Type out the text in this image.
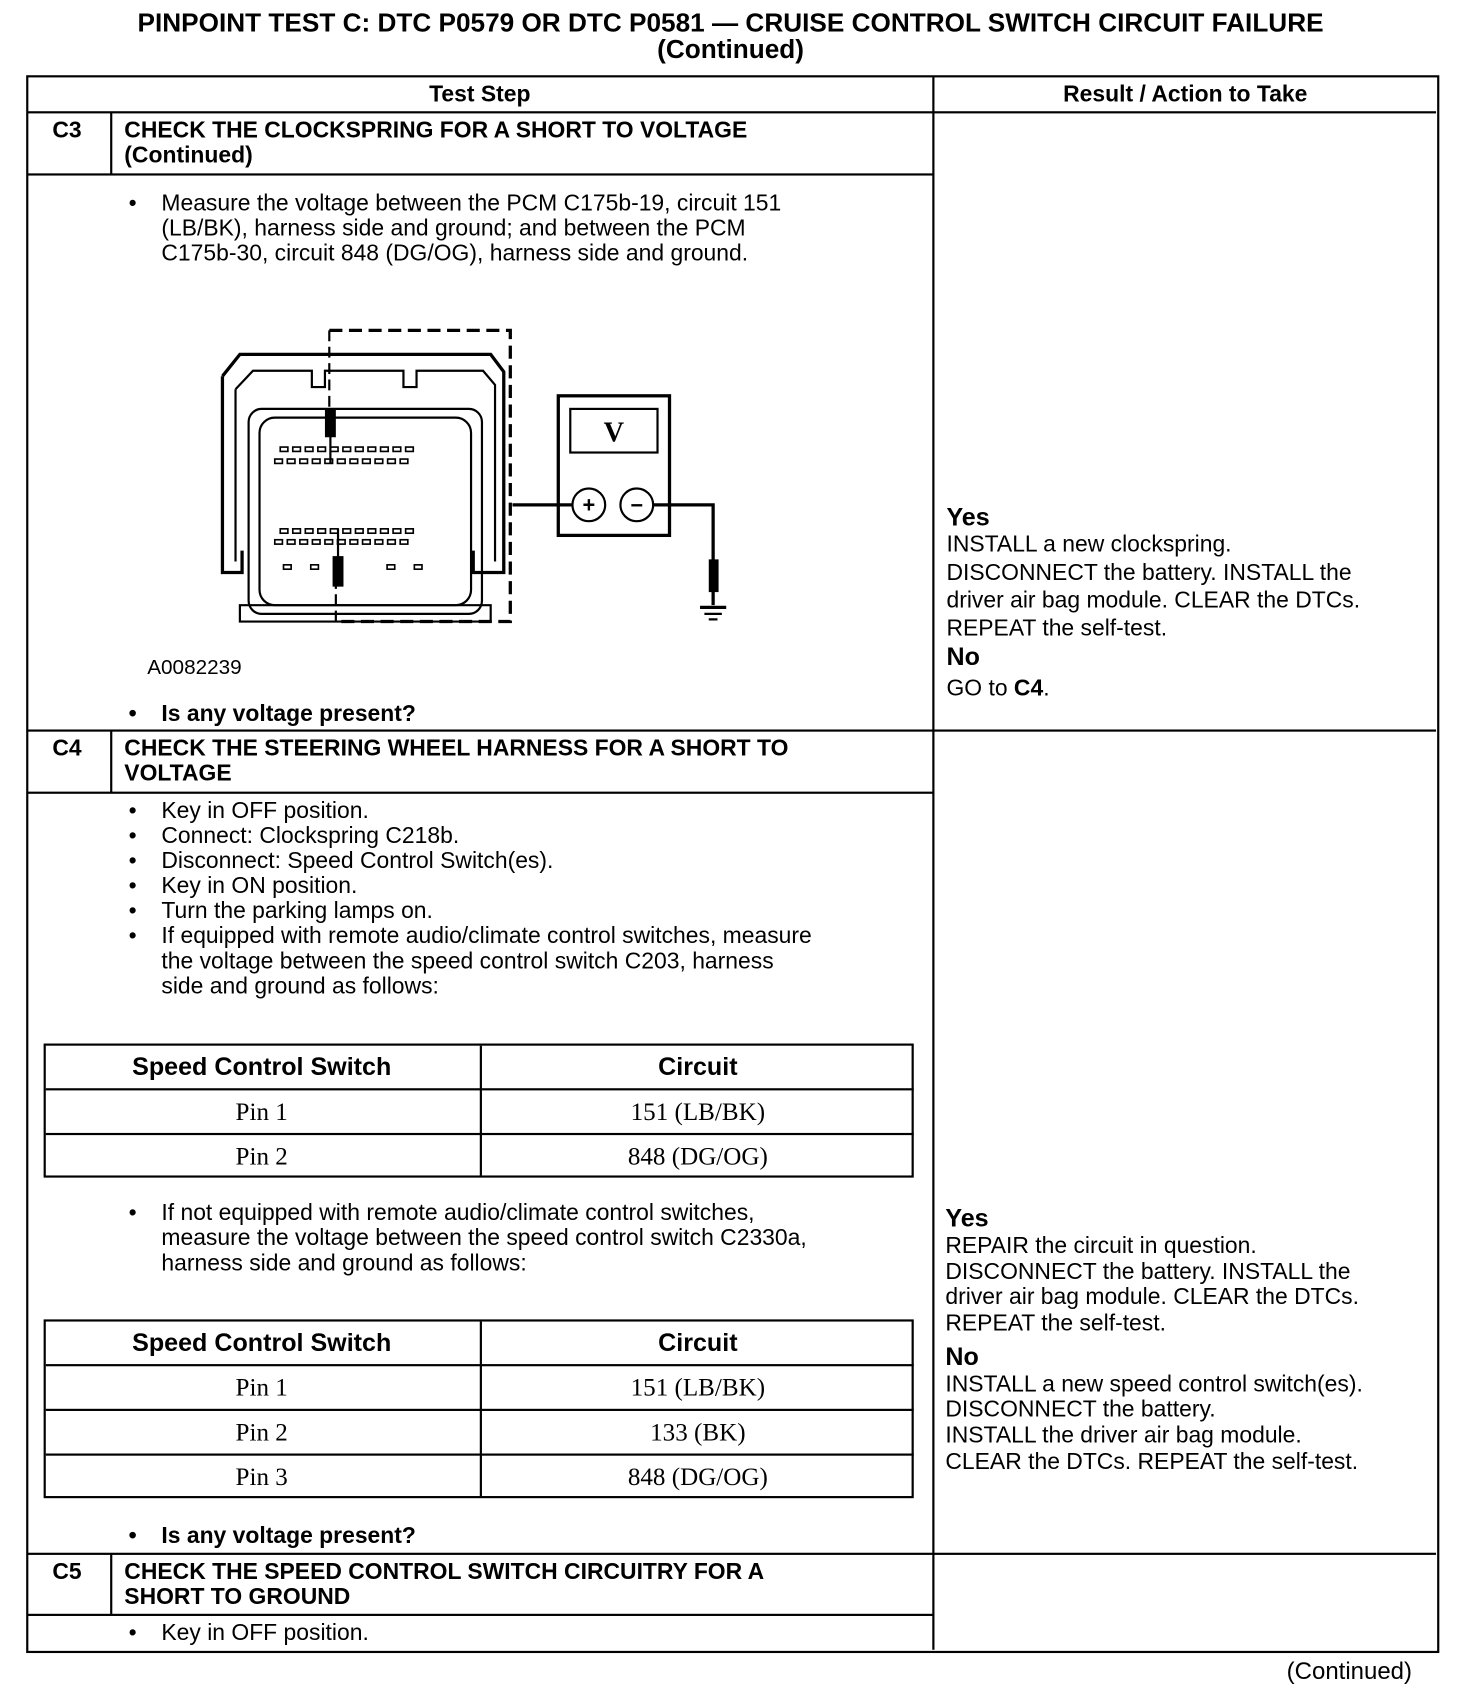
PINPOINT TEST C: DTC P0579 OR DTC P0581 — CRUISE CONTROL SWITCH CIRCUIT FAILURE
(Continued)
Test Step	Result / Action to Take
C3 CHECK THE CLOCKSPRING FOR A SHORT TO VOLTAGE
(Continued)
• Measure the voltage between the PCM C175b-19, circuit 151
(LB/BK), harness side and ground; and between the PCM
C175b-30, circuit 848 (DG/OG), harness side and ground.
V
+ −
A0082239
• Is any voltage present?
Yes
INSTALL a new clockspring.
DISCONNECT the battery. INSTALL the
driver air bag module. CLEAR the DTCs.
REPEAT the self-test.
No
GO to C4.
C4 CHECK THE STEERING WHEEL HARNESS FOR A SHORT TO
VOLTAGE
• Key in OFF position.
• Connect: Clockspring C218b.
• Disconnect: Speed Control Switch(es).
• Key in ON position.
• Turn the parking lamps on.
• If equipped with remote audio/climate control switches, measure
the voltage between the speed control switch C203, harness
side and ground as follows:
Speed Control Switch	Circuit
Pin 1	151 (LB/BK)
Pin 2	848 (DG/OG)
• If not equipped with remote audio/climate control switches,
measure the voltage between the speed control switch C2330a,
harness side and ground as follows:
Speed Control Switch	Circuit
Pin 1	151 (LB/BK)
Pin 2	133 (BK)
Pin 3	848 (DG/OG)
• Is any voltage present?
Yes
REPAIR the circuit in question.
DISCONNECT the battery. INSTALL the
driver air bag module. CLEAR the DTCs.
REPEAT the self-test.
No
INSTALL a new speed control switch(es).
DISCONNECT the battery.
INSTALL the driver air bag module.
CLEAR the DTCs. REPEAT the self-test.
C5 CHECK THE SPEED CONTROL SWITCH CIRCUITRY FOR A
SHORT TO GROUND
• Key in OFF position.
(Continued)
